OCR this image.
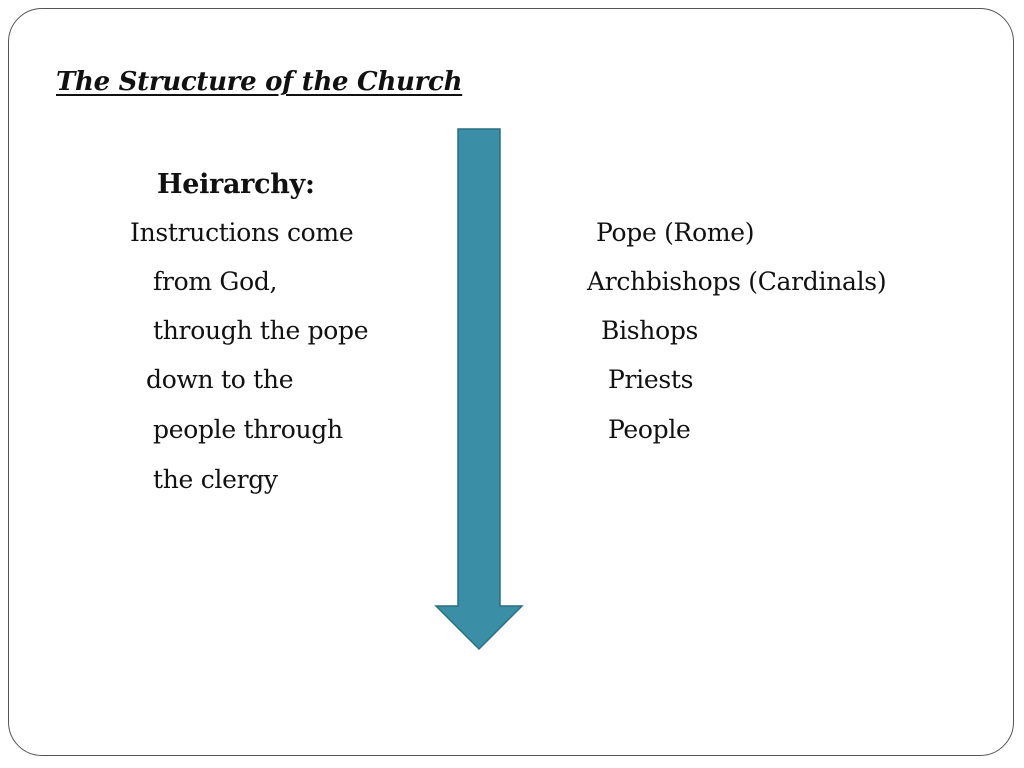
The Structure of the Church
Heirarchy:
Instructions come
from God,
through the pope
down to the
people through
the clergy
Pope (Rome)
Archbishops (Cardinals)
Bishops
Priests
People
